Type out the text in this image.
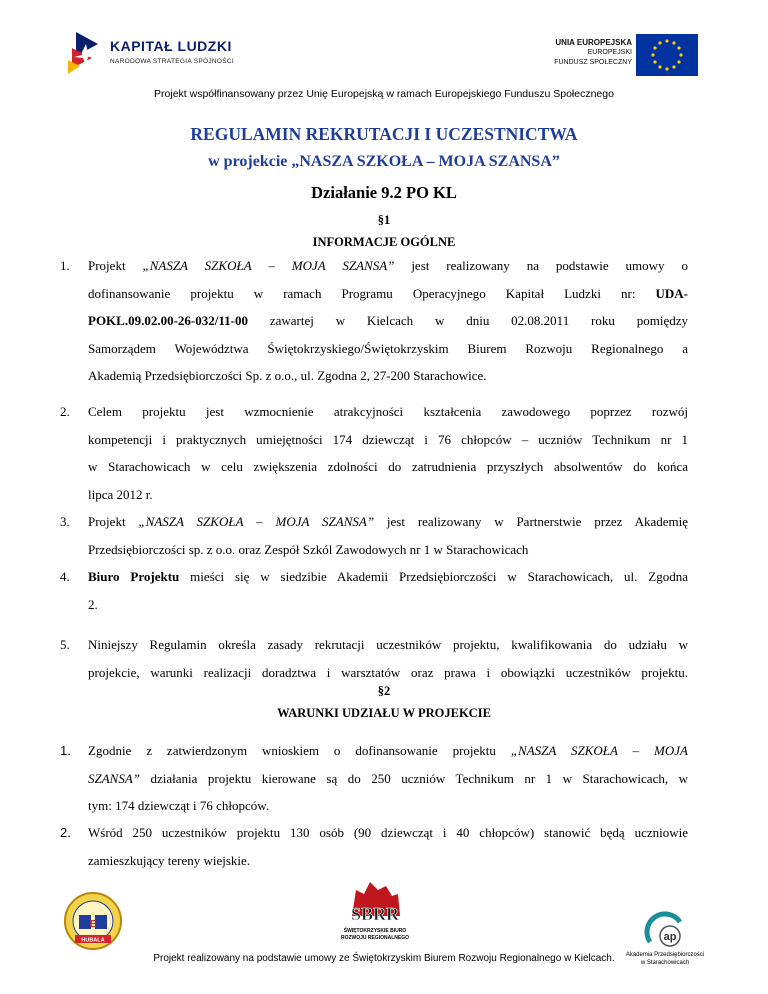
KAPITAŁ LUDZKI
NARODOWA STRATEGIA SPÓJNOŚCI
UNIA EUROPEJSKA
EUROPEJSKI
FUNDUSZ SPOŁECZNY
Projekt współfinansowany przez Unię Europejską w ramach Europejskiego Funduszu Społecznego
REGULAMIN REKRUTACJI I UCZESTNICTWA
w projekcie „NASZA SZKOŁA – MOJA SZANSA”
Działanie 9.2 PO KL
§1
INFORMACJE OGÓLNE
1. Projekt „NASZA SZKOŁA – MOJA SZANSA” jest realizowany na podstawie umowy o
dofinansowanie projektu w ramach Programu Operacyjnego Kapitał Ludzki nr: UDA-
POKL.09.02.00-26-032/11-00 zawartej w Kielcach w dniu 02.08.2011 roku pomiędzy
Samorządem Województwa Świętokrzyskiego/Świętokrzyskim Biurem Rozwoju Regionalnego a
Akademią Przedsiębiorczości Sp. z o.o., ul. Zgodna 2, 27-200 Starachowice.
2. Celem projektu jest wzmocnienie atrakcyjności kształcenia zawodowego poprzez rozwój
kompetencji i praktycznych umiejętności 174 dziewcząt i 76 chłopców – uczniów Technikum nr 1
w Starachowicach w celu zwiększenia zdolności do zatrudnienia przyszłych absolwentów do końca
lipca 2012 r.
3. Projekt „NASZA SZKOŁA – MOJA SZANSA” jest realizowany w Partnerstwie przez Akademię
Przedsiębiorczości sp. z o.o. oraz Zespół Szkól Zawodowych nr 1 w Starachowicach
4. Biuro Projektu mieści się w siedzibie Akademii Przedsiębiorczości w Starachowicach, ul. Zgodna
2.
5. Niniejszy Regulamin określa zasady rekrutacji uczestników projektu, kwalifikowania do udziału w
projekcie, warunki realizacji doradztwa i warsztatów oraz prawa i obowiązki uczestników projektu.
§2
WARUNKI UDZIAŁU W PROJEKCIE
1. Zgodnie z zatwierdzonym wnioskiem o dofinansowanie projektu „NASZA SZKOŁA – MOJA
SZANSA” działania projektu kierowane są do 250 uczniów Technikum nr 1 w Starachowicach, w
tym: 174 dziewcząt i 76 chłopców.
2. Wśród 250 uczestników projektu 130 osób (90 dziewcząt i 40 chłopców) stanowić będą uczniowie
zamieszkujący tereny wiejskie.
E
HUBALA
SBRR
ŚWIĘTOKRZYSKIE BIURO
ROZWOJU REGIONALNEGO	ap
Akademia Przedsiębiorczości
w Starachowicach
Projekt realizowany na podstawie umowy ze Świętokrzyskim Biurem Rozwoju Regionalnego w Kielcach.
